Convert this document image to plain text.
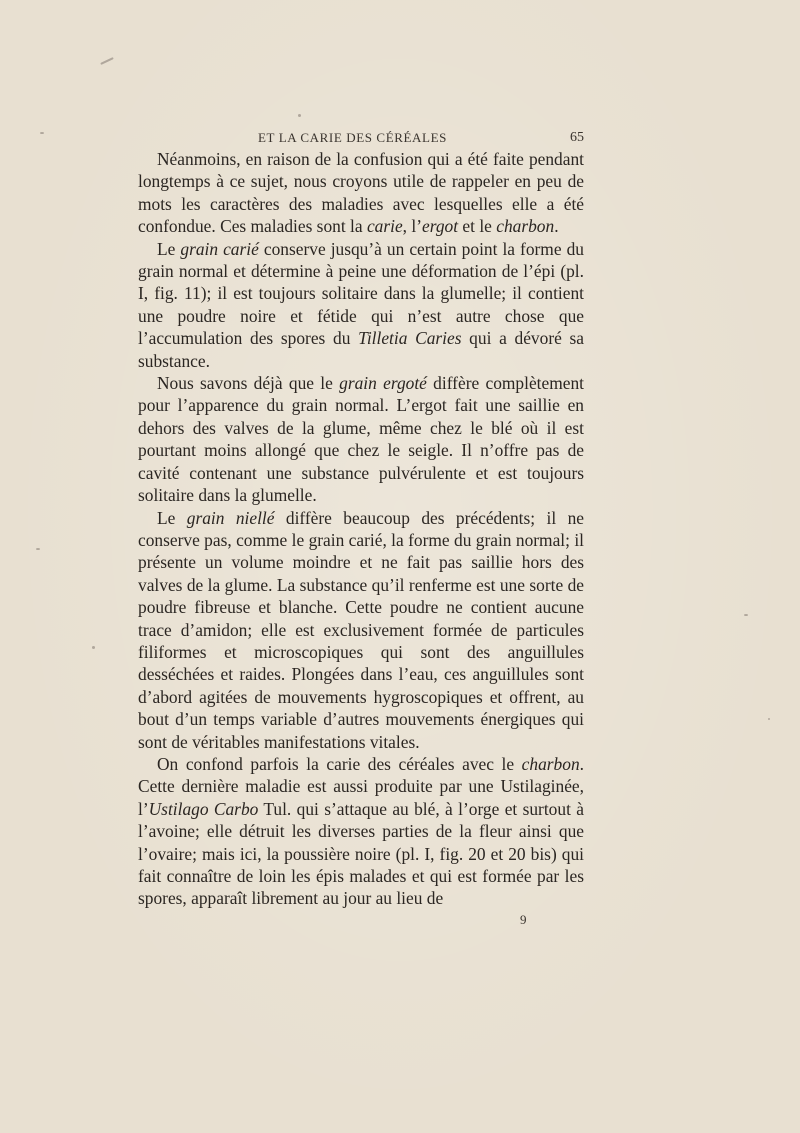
ET LA CARIE DES CÉRÉALES	65

Néanmoins, en raison de la confusion qui a été faite pendant longtemps à ce sujet, nous croyons utile de rappeler en peu de mots les caractères des maladies avec lesquelles elle a été confondue. Ces maladies sont la carie, l’ergot et le charbon.

Le grain carié conserve jusqu’à un certain point la forme du grain normal et détermine à peine une déformation de l’épi (pl. I, fig. 11); il est toujours solitaire dans la glumelle; il contient une poudre noire et fétide qui n’est autre chose que l’accumulation des spores du Tilletia Caries qui a dévoré sa substance.

Nous savons déjà que le grain ergoté diffère complètement pour l’apparence du grain normal. L’ergot fait une saillie en dehors des valves de la glume, même chez le blé où il est pourtant moins allongé que chez le seigle. Il n’offre pas de cavité contenant une substance pulvérulente et est toujours solitaire dans la glumelle.

Le grain niellé diffère beaucoup des précédents; il ne conserve pas, comme le grain carié, la forme du grain normal; il présente un volume moindre et ne fait pas saillie hors des valves de la glume. La substance qu’il renferme est une sorte de poudre fibreuse et blanche. Cette poudre ne contient aucune trace d’amidon; elle est exclusivement formée de particules filiformes et microscopiques qui sont des anguillules desséchées et raides. Plongées dans l’eau, ces anguillules sont d’abord agitées de mouvements hygroscopiques et offrent, au bout d’un temps variable d’autres mouvements énergiques qui sont de véritables manifestations vitales.

On confond parfois la carie des céréales avec le charbon. Cette dernière maladie est aussi produite par une Ustilaginée, l’Ustilago Carbo Tul. qui s’attaque au blé, à l’orge et surtout à l’avoine; elle détruit les diverses parties de la fleur ainsi que l’ovaire; mais ici, la poussière noire (pl. I, fig. 20 et 20 bis) qui fait connaître de loin les épis malades et qui est formée par les spores, apparaît librement au jour au lieu de

9
